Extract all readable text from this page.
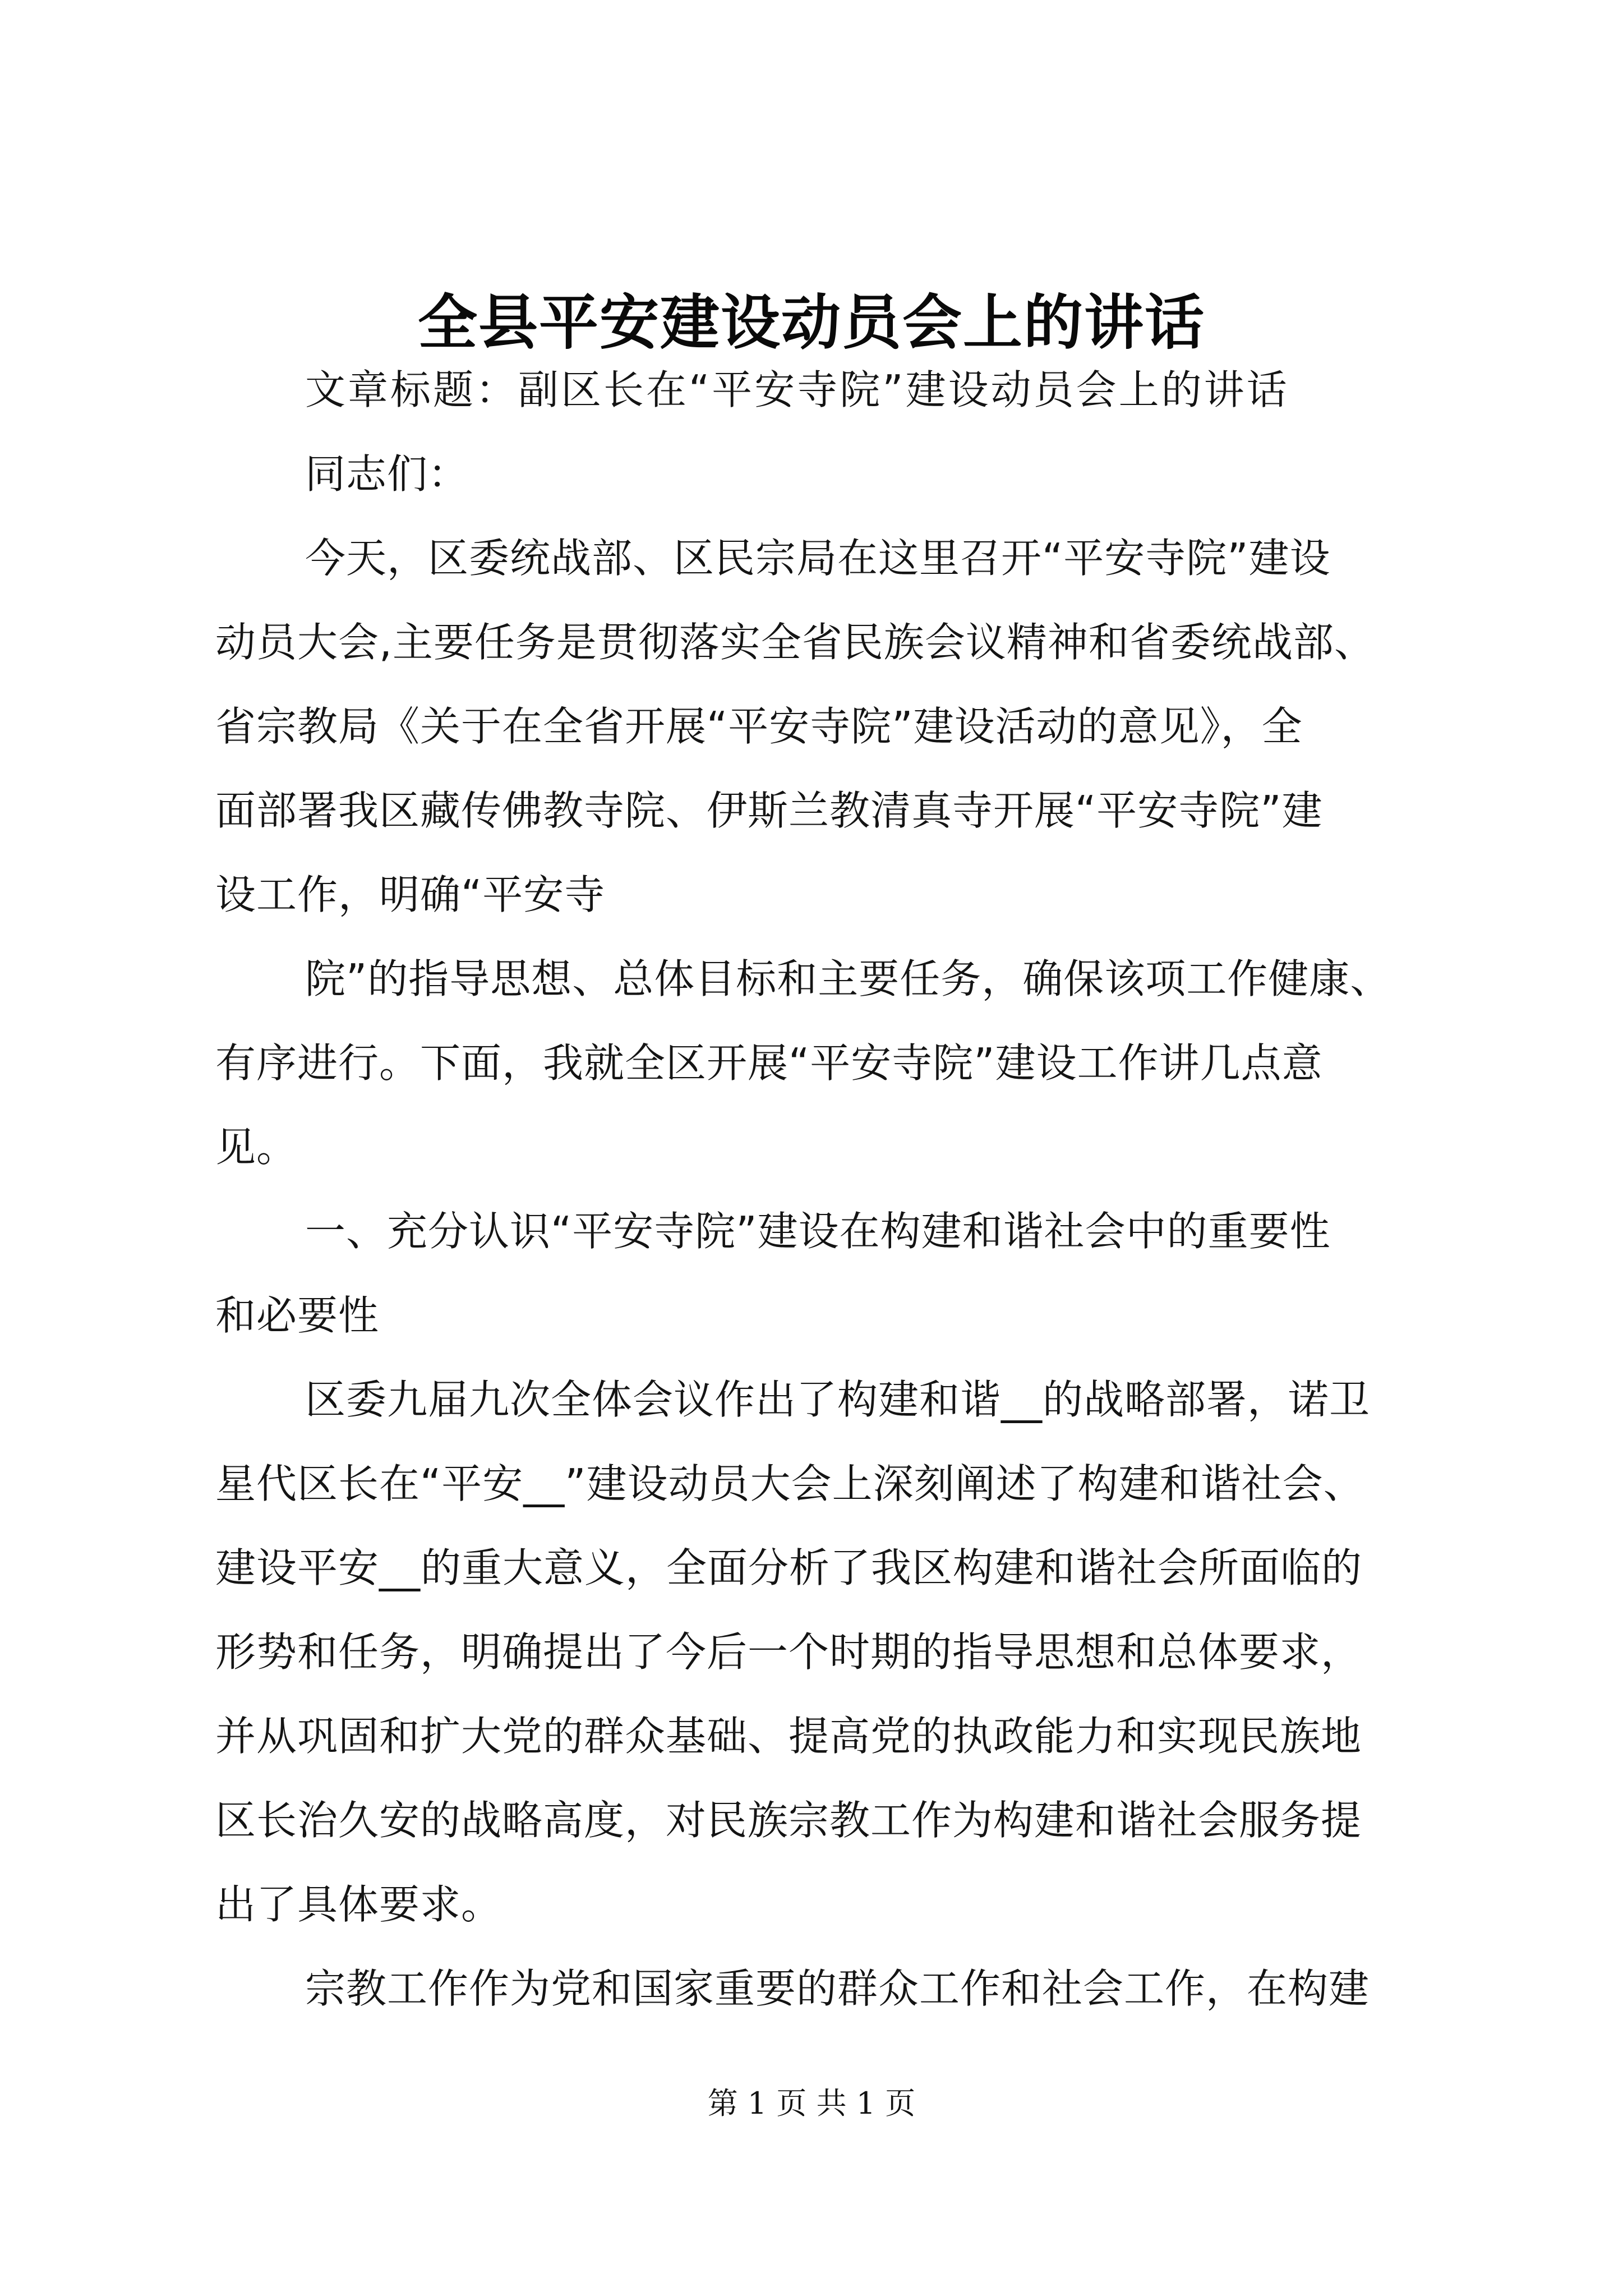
全县平安建设动员会上的讲话
文章标题：副区长在“平安寺院”建设动员会上的讲话
同志们：
今天，区委统战部、区民宗局在这里召开“平安寺院”建设
动员大会,主要任务是贯彻落实全省民族会议精神和省委统战部、
省宗教局《关于在全省开展“平安寺院”建设活动的意见》，全
面部署我区藏传佛教寺院、伊斯兰教清真寺开展“平安寺院”建
设工作，明确“平安寺
院”的指导思想、总体目标和主要任务，确保该项工作健康、
有序进行。下面，我就全区开展“平安寺院”建设工作讲几点意
见。
一、充分认识“平安寺院”建设在构建和谐社会中的重要性
和必要性
区委九届九次全体会议作出了构建和谐__的战略部署，诺卫
星代区长在“平安__”建设动员大会上深刻阐述了构建和谐社会、
建设平安__的重大意义，全面分析了我区构建和谐社会所面临的
形势和任务，明确提出了今后一个时期的指导思想和总体要求，
并从巩固和扩大党的群众基础、提高党的执政能力和实现民族地
区长治久安的战略高度，对民族宗教工作为构建和谐社会服务提
出了具体要求。
宗教工作作为党和国家重要的群众工作和社会工作，在构建
第 1 页 共 1 页
